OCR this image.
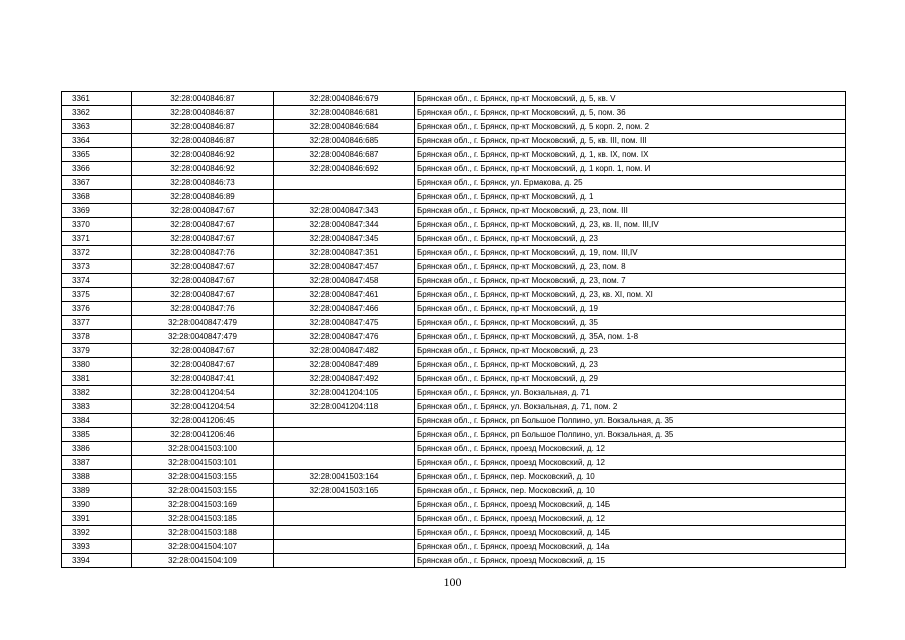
3361	32:28:0040846:87	32:28:0040846:679	Брянская обл., г. Брянск, пр-кт Московский, д. 5, кв. V
3362	32:28:0040846:87	32:28:0040846:681	Брянская обл., г. Брянск, пр-кт Московский, д. 5, пом. 36
3363	32:28:0040846:87	32:28:0040846:684	Брянская обл., г. Брянск, пр-кт Московский, д. 5 корп. 2, пом. 2
3364	32:28:0040846:87	32:28:0040846:685	Брянская обл., г. Брянск, пр-кт Московский, д. 5, кв. III, пом. III
3365	32:28:0040846:92	32:28:0040846:687	Брянская обл., г. Брянск, пр-кт Московский, д. 1, кв. IX, пом. IX
3366	32:28:0040846:92	32:28:0040846:692	Брянская обл., г. Брянск, пр-кт Московский, д. 1 корп. 1, пом. И
3367	32:28:0040846:73		Брянская обл., г. Брянск, ул. Ермакова, д. 25
3368	32:28:0040846:89		Брянская обл., г. Брянск, пр-кт Московский, д. 1
3369	32:28:0040847:67	32:28:0040847:343	Брянская обл., г. Брянск, пр-кт Московский, д. 23, пом. III
3370	32:28:0040847:67	32:28:0040847:344	Брянская обл., г. Брянск, пр-кт Московский, д. 23, кв. II, пом. III,IV
3371	32:28:0040847:67	32:28:0040847:345	Брянская обл., г. Брянск, пр-кт Московский, д. 23
3372	32:28:0040847:76	32:28:0040847:351	Брянская обл., г. Брянск, пр-кт Московский, д. 19, пом. III,IV
3373	32:28:0040847:67	32:28:0040847:457	Брянская обл., г. Брянск, пр-кт Московский, д. 23, пом. 8
3374	32:28:0040847:67	32:28:0040847:458	Брянская обл., г. Брянск, пр-кт Московский, д. 23, пом. 7
3375	32:28:0040847:67	32:28:0040847:461	Брянская обл., г. Брянск, пр-кт Московский, д. 23, кв. XI, пом. XI
3376	32:28:0040847:76	32:28:0040847:466	Брянская обл., г. Брянск, пр-кт Московский, д. 19
3377	32:28:0040847:479	32:28:0040847:475	Брянская обл., г. Брянск, пр-кт Московский, д. 35
3378	32:28:0040847:479	32:28:0040847:476	Брянская обл., г. Брянск, пр-кт Московский, д. 35А, пом. 1-8
3379	32:28:0040847:67	32:28:0040847:482	Брянская обл., г. Брянск, пр-кт Московский, д. 23
3380	32:28:0040847:67	32:28:0040847:489	Брянская обл., г. Брянск, пр-кт Московский, д. 23
3381	32:28:0040847:41	32:28:0040847:492	Брянская обл., г. Брянск, пр-кт Московский, д. 29
3382	32:28:0041204:54	32:28:0041204:105	Брянская обл., г. Брянск, ул. Вокзальная, д. 71
3383	32:28:0041204:54	32:28:0041204:118	Брянская обл., г. Брянск, ул. Вокзальная, д. 71, пом. 2
3384	32:28:0041206:45		Брянская обл., г. Брянск, рп Большое Полпино, ул. Вокзальная, д. 35
3385	32:28:0041206:46		Брянская обл., г. Брянск, рп Большое Полпино, ул. Вокзальная, д. 35
3386	32:28:0041503:100		Брянская обл., г. Брянск, проезд Московский, д. 12
3387	32:28:0041503:101		Брянская обл., г. Брянск, проезд Московский, д. 12
3388	32:28:0041503:155	32:28:0041503:164	Брянская обл., г. Брянск, пер. Московский, д. 10
3389	32:28:0041503:155	32:28:0041503:165	Брянская обл., г. Брянск, пер. Московский, д. 10
3390	32:28:0041503:169		Брянская обл., г. Брянск, проезд Московский, д. 14Б
3391	32:28:0041503:185		Брянская обл., г. Брянск, проезд Московский, д. 12
3392	32:28:0041503:188		Брянская обл., г. Брянск, проезд Московский, д. 14Б
3393	32:28:0041504:107		Брянская обл., г. Брянск, проезд Московский, д. 14а
3394	32:28:0041504:109		Брянская обл., г. Брянск, проезд Московский, д. 15
100
